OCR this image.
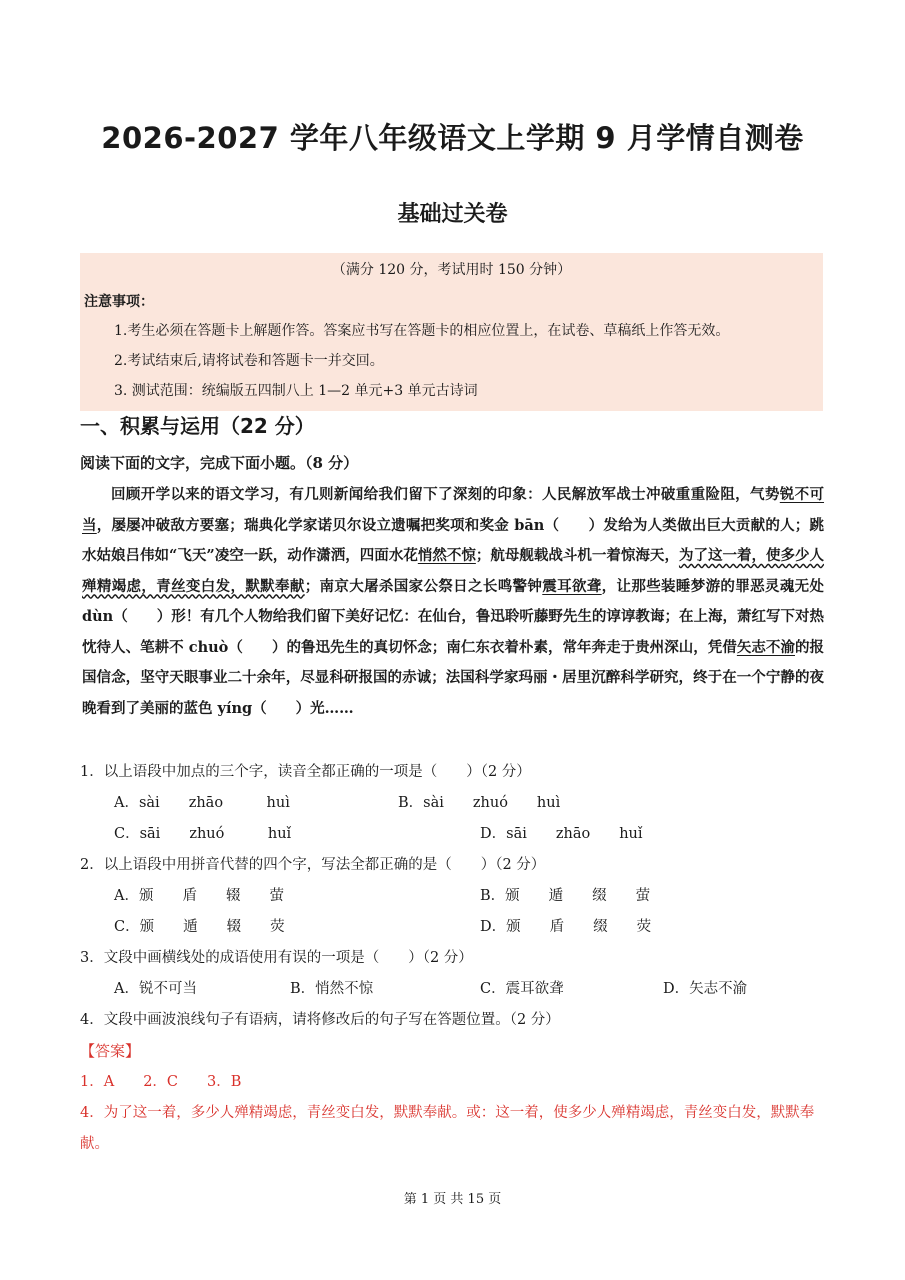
2026-2027 学年八年级语文上学期 9 月学情自测卷
基础过关卷
（满分 120 分，考试用时 150 分钟）
注意事项：
1.考生必须在答题卡上解题作答。答案应书写在答题卡的相应位置上，在试卷、草稿纸上作答无效。
2.考试结束后,请将试卷和答题卡一并交回。
3. 测试范围：统编版五四制八上 1—2 单元+3 单元古诗词
一、积累与运用（22 分）
阅读下面的文字，完成下面小题。（8 分）
回顾开学以来的语文学习，有几则新闻给我们留下了深刻的印象：人民解放军战士冲破重重险阻，气势锐不可当，屡屡冲破敌方要塞；瑞典化学家诺贝尔设立遗嘱把奖项和奖金 bān（　　）发给为人类做出巨大贡献的人；跳水姑娘吕伟如“飞天”凌空一跃，动作潇洒，四面水花悄然不惊；航母舰载战斗机一着惊海天，为了这一着，使多少人殚精竭虑，青丝变白发，默默奉献；南京大屠杀国家公祭日之长鸣警钟震耳欲聋，让那些装睡梦游的罪恶灵魂无处 dùn（　　）形！有几个人物给我们留下美好记忆：在仙台，鲁迅聆听藤野先生的谆谆教诲；在上海，萧红写下对热忱待人、笔耕不 chuò（　　）的鲁迅先生的真切怀念；南仁东衣着朴素，常年奔走于贵州深山，凭借矢志不渝的报国信念，坚守天眼事业二十余年，尽显科研报国的赤诚；法国科学家玛丽・居里沉醉科学研究，终于在一个宁静的夜晚看到了美丽的蓝色 yíng（　　）光……
1．以上语段中加点的三个字，读音全都正确的一项是（　　）（2 分）
A．sài　　zhāo　　　huì	B．sài　　zhuó　　huì
C．sāi　　zhuó　　　huǐ	D．sāi　　zhāo　　huǐ
2．以上语段中用拼音代替的四个字，写法全都正确的是（　　）（2 分）
A．颁　　盾　　辍　　萤	B．颁　　遁　　缀　　萤
C．颁　　遁　　辍　　荧	D．颁　　盾　　缀　　荧
3．文段中画横线处的成语使用有误的一项是（　　）（2 分）
A．锐不可当	B．悄然不惊	C．震耳欲聋	D．矢志不渝
4．文段中画波浪线句子有语病，请将修改后的句子写在答题位置。（2 分）
【答案】
1．A　　2．C　　3．B
4．为了这一着，多少人殚精竭虑，青丝变白发，默默奉献。或：这一着，使多少人殚精竭虑，青丝变白发，默默奉献。
第 1 页 共 15 页
